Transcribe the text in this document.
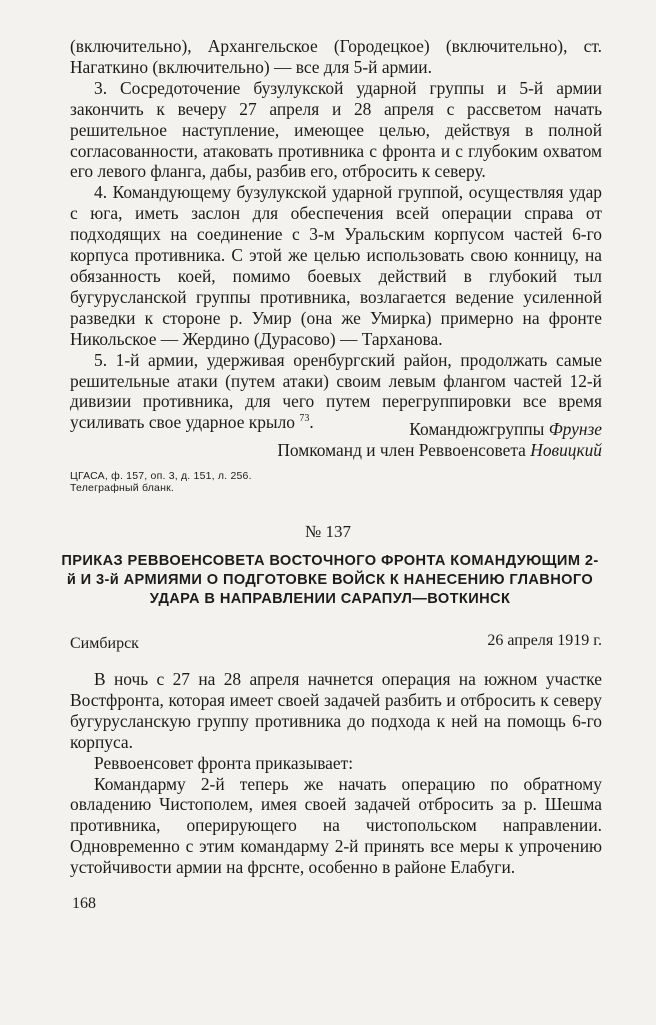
(включительно), Архангельское (Городецкое) (включительно), ст. Нагаткино (включительно) — все для 5-й армии.

3. Сосредоточение бузулукской ударной группы и 5-й армии закончить к вечеру 27 апреля и 28 апреля с рассветом начать решительное наступление, имеющее целью, действуя в полной согласованности, атаковать противника с фронта и с глубоким охватом его левого фланга, дабы, разбив его, отбросить к северу.

4. Командующему бузулукской ударной группой, осуществляя удар с юга, иметь заслон для обеспечения всей операции справа от подходящих на соединение с 3-м Уральским корпусом частей 6-го корпуса противника. С этой же целью использовать свою конницу, на обязанность коей, помимо боевых действий в глубокий тыл бугурусланской группы противника, возлагается ведение усиленной разведки к стороне р. Умир (она же Умирка) примерно на фронте Никольское — Жердино (Дурасово) — Тарханова.

5. 1-й армии, удерживая оренбургский район, продолжать самые решительные атаки (путем атаки) своим левым флангом частей 12-й дивизии противника, для чего путем перегруппировки все время усиливать свое ударное крыло $^{73}$.	Командюжгруппы Фрунзе
Помкоманд и член Реввоенсовета Новицкий
ЦГАСА, ф. 157, оп. 3, д. 151, л. 256.
Телеграфный бланк.
№ 137
ПРИКАЗ РЕВВОЕНСОВЕТА ВОСТОЧНОГО ФРОНТА КОМАНДУЮЩИМ 2-й И 3-й АРМИЯМИ О ПОДГОТОВКЕ ВОЙСК К НАНЕСЕНИЮ ГЛАВНОГО УДАРА В НАПРАВЛЕНИИ САРАПУЛ—ВОТКИНСК
Симбирск	26 апреля 1919 г.

В ночь с 27 на 28 апреля начнется операция на южном участке Востфронта, которая имеет своей задачей разбить и отбросить к северу бугурусланскую группу противника до подхода к ней на помощь 6-го корпуса.

Реввоенсовет фронта приказывает:

Командарму 2-й теперь же начать операцию по обратному овладению Чистополем, имея своей задачей отбросить за р. Шешма противника, оперирующего на чистопольском направлении. Одновременно с этим командарму 2-й принять все меры к упрочению устойчивости армии на фрснте, особенно в районе Елабуги.

168
